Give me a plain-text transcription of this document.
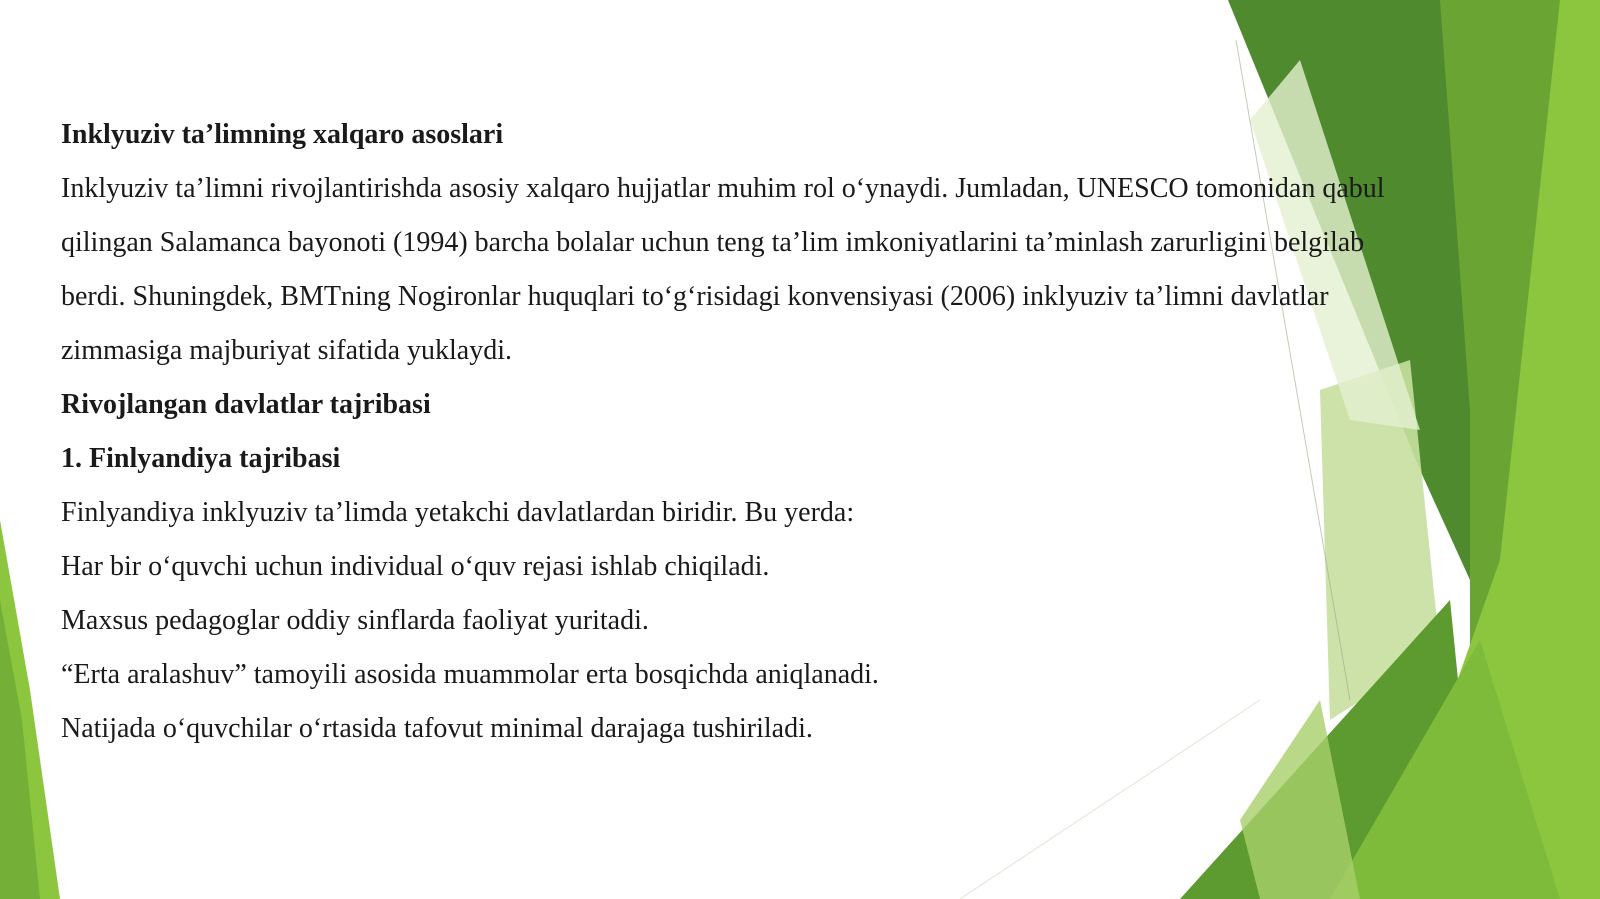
Inklyuziv ta’limning xalqaro asoslari

Inklyuziv ta’limni rivojlantirishda asosiy xalqaro hujjatlar muhim rol o‘ynaydi. Jumladan, UNESCO tomonidan qabul

qilingan Salamanca bayonoti (1994) barcha bolalar uchun teng ta’lim imkoniyatlarini ta’minlash zarurligini belgilab

berdi. Shuningdek, BMTning Nogironlar huquqlari to‘g‘risidagi konvensiyasi (2006) inklyuziv ta’limni davlatlar

zimmasiga majburiyat sifatida yuklaydi.

Rivojlangan davlatlar tajribasi

1. Finlyandiya tajribasi

Finlyandiya inklyuziv ta’limda yetakchi davlatlardan biridir. Bu yerda:

Har bir o‘quvchi uchun individual o‘quv rejasi ishlab chiqiladi.

Maxsus pedagoglar oddiy sinflarda faoliyat yuritadi.

“Erta aralashuv” tamoyili asosida muammolar erta bosqichda aniqlanadi.

Natijada o‘quvchilar o‘rtasida tafovut minimal darajaga tushiriladi.
